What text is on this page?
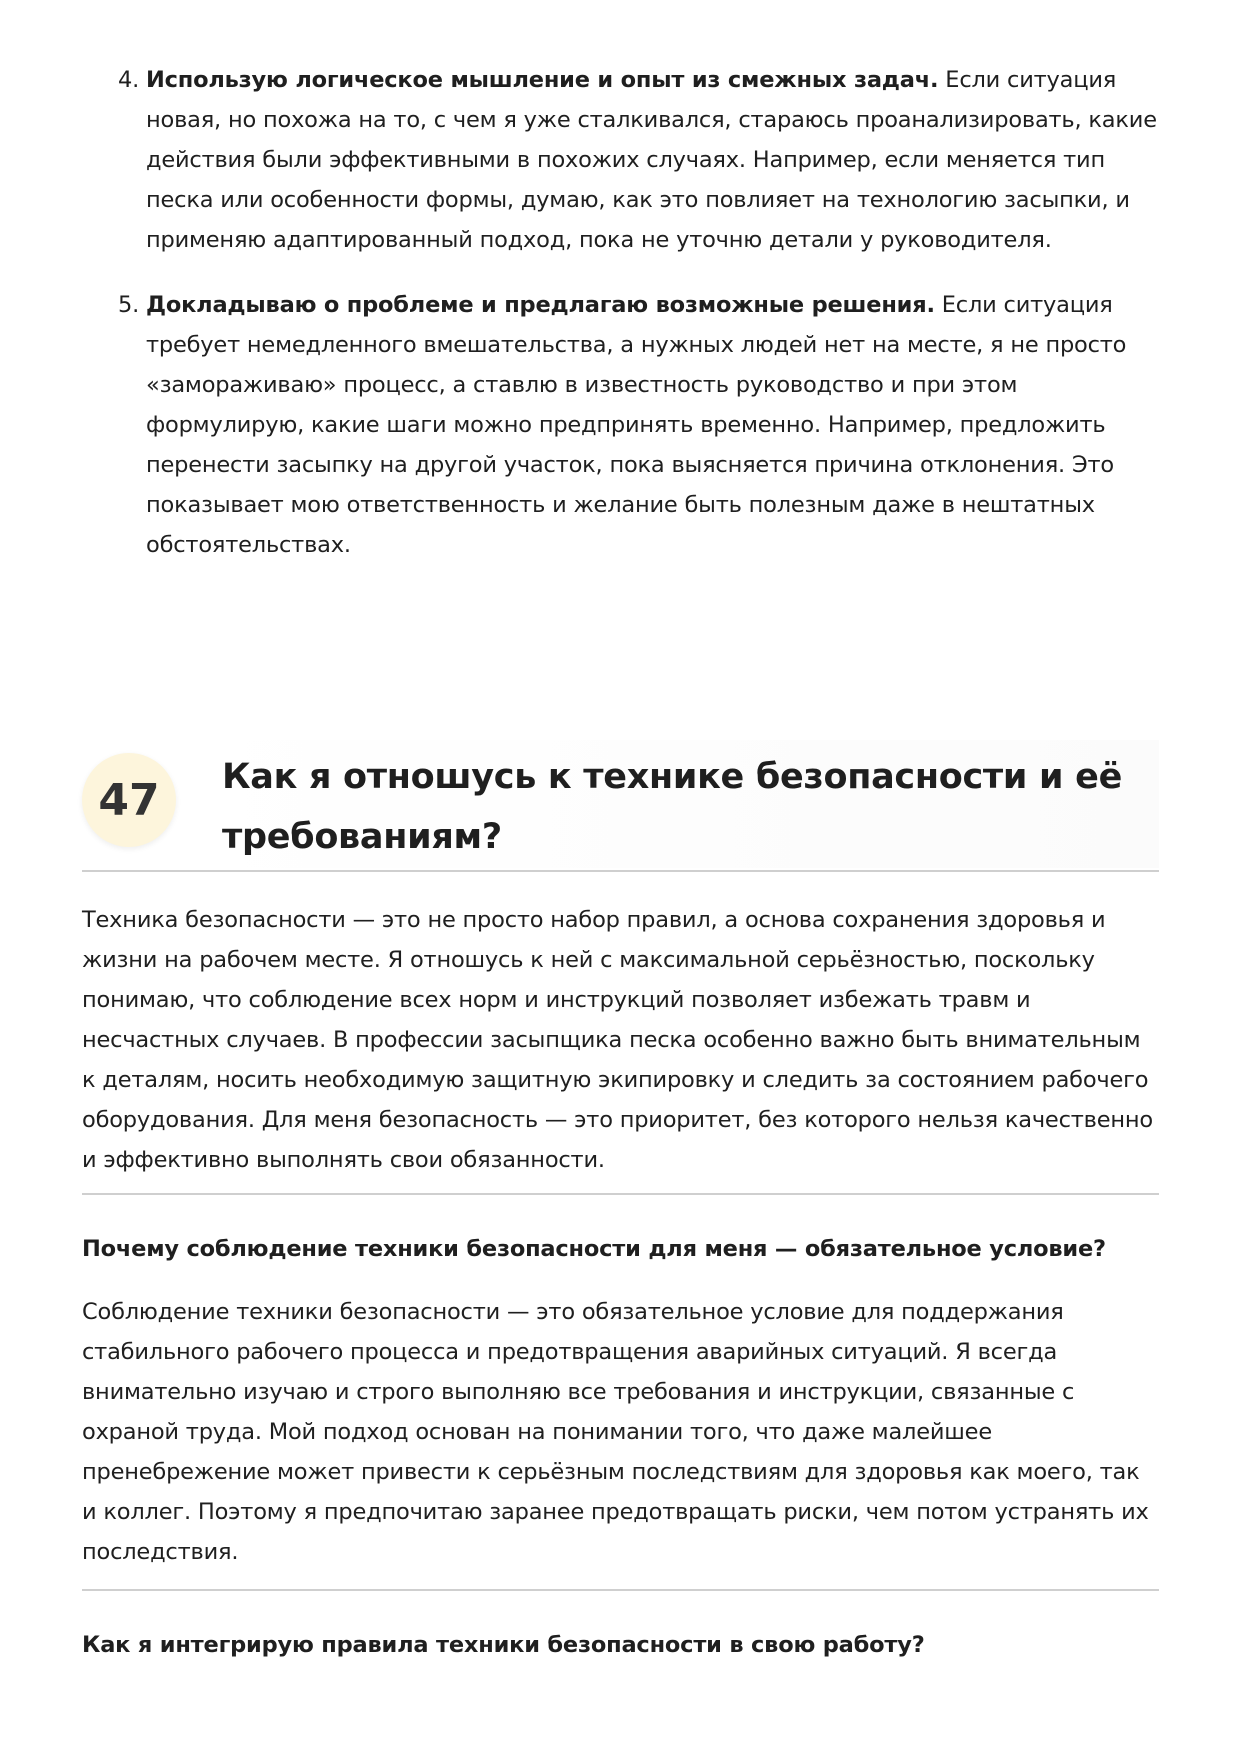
4. Использую логическое мышление и опыт из смежных задач. Если ситуация новая, но похожа на то, с чем я уже сталкивался, стараюсь проанализировать, какие действия были эффективными в похожих случаях. Например, если меняется тип песка или особенности формы, думаю, как это повлияет на технологию засыпки, и применяю адаптированный подход, пока не уточню детали у руководителя.
5. Докладываю о проблеме и предлагаю возможные решения. Если ситуация требует немедленного вмешательства, а нужных людей нет на месте, я не просто «замораживаю» процесс, а ставлю в известность руководство и при этом формулирую, какие шаги можно предпринять временно. Например, предложить перенести засыпку на другой участок, пока выясняется причина отклонения. Это показывает мою ответственность и желание быть полезным даже в нештатных обстоятельствах.
47	Как я отношусь к технике безопасности и её требованиям?

Техника безопасности — это не просто набор правил, а основа сохранения здоровья и жизни на рабочем месте. Я отношусь к ней с максимальной серьёзностью, поскольку понимаю, что соблюдение всех норм и инструкций позволяет избежать травм и несчастных случаев. В профессии засыпщика песка особенно важно быть внимательным к деталям, носить необходимую защитную экипировку и следить за состоянием рабочего оборудования. Для меня безопасность — это приоритет, без которого нельзя качественно и эффективно выполнять свои обязанности.

Почему соблюдение техники безопасности для меня — обязательное условие?

Соблюдение техники безопасности — это обязательное условие для поддержания стабильного рабочего процесса и предотвращения аварийных ситуаций. Я всегда внимательно изучаю и строго выполняю все требования и инструкции, связанные с охраной труда. Мой подход основан на понимании того, что даже малейшее пренебрежение может привести к серьёзным последствиям для здоровья как моего, так и коллег. Поэтому я предпочитаю заранее предотвращать риски, чем потом устранять их последствия.

Как я интегрирую правила техники безопасности в свою работу?
